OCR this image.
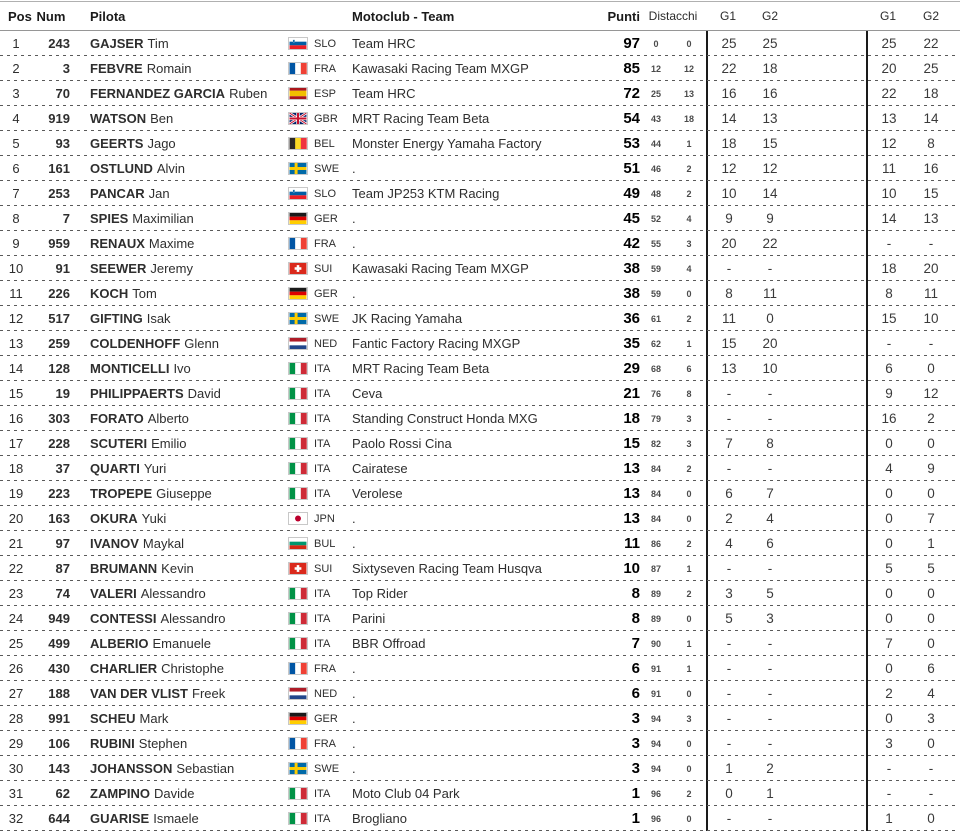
Pos Num	Pilota	Motoclub - Team	Punti Distacchi	G1	G2	G1	G2
1	243 GAJSER Tim	SLO	Team HRC	97	0	0	25	25	25	22
2	3 FEBVRE Romain	FRA	Kawasaki Racing Team MXGP	85	12	12	22	18	20	25
3	70 FERNANDEZ GARCIA Ruben	ESP	Team HRC	72	25	13	16	16	22	18
4	919 WATSON Ben	GBR	MRT Racing Team Beta	54	43	18	14	13	13	14
5	93 GEERTS Jago	BEL	Monster Energy Yamaha Factory	53	44	1	18	15	12	8
6	161 OSTLUND Alvin	SWE .	51	46	2	12	12	11	16
7	253 PANCAR Jan	SLO	Team JP253 KTM Racing	49	48	2	10	14	10	15
8	7 SPIES Maximilian	GER	.	45	52	4	9	9	14	13
9	959 RENAUX Maxime	FRA	.	42	55	3	20	22	-	-
10	91 SEEWER Jeremy	SUI	Kawasaki Racing Team MXGP	38	59	4	-	-	18	20
11	226 KOCH Tom	GER	.	38	59	0	8	11	8	11
12	517 GIFTING Isak	SWE JK Racing Yamaha	36	61	2	11	0	15	10
13	259 COLDENHOFF Glenn	NED	Fantic Factory Racing MXGP	35	62	1	15	20	-	-
14	128 MONTICELLI Ivo	ITA	MRT Racing Team Beta	29	68	6	13	10	6	0
15	19 PHILIPPAERTS David	ITA	Ceva	21	76	8	-	-	9	12
16	303 FORATO Alberto	ITA	Standing Construct Honda MXG	18	79	3	-	-	16	2
17	228 SCUTERI Emilio	ITA	Paolo Rossi Cina	15	82	3	7	8	0	0
18	37 QUARTI Yuri	ITA	Cairatese	13	84	2	-	-	4	9
19	223 TROPEPE Giuseppe	ITA	Verolese	13	84	0	6	7	0	0
20	163 OKURA Yuki	JPN	.	13	84	0	2	4	0	7
21	97 IVANOV Maykal	BUL	.	11	86	2	4	6	0	1
22	87 BRUMANN Kevin	SUI	Sixtyseven Racing Team Husqva	10	87	1	-	-	5	5
23	74 VALERI Alessandro	ITA	Top Rider	8	89	2	3	5	0	0
24	949 CONTESSI Alessandro	ITA	Parini	8	89	0	5	3	0	0
25	499 ALBERIO Emanuele	ITA	BBR Offroad	7	90	1	-	-	7	0
26	430 CHARLIER Christophe	FRA	.	6	91	1	-	-	0	6
27	188 VAN DER VLIST Freek	NED	.	6	91	0	-	-	2	4
28	991 SCHEU Mark	GER	.	3	94	3	-	-	0	3
29	106 RUBINI Stephen	FRA	.	3	94	0	-	-	3	0
30	143 JOHANSSON Sebastian	SWE .	3	94	0	1	2	-	-
31	62 ZAMPINO Davide	ITA	Moto Club 04 Park	1	96	2	0	1	-	-
32	644 GUARISE Ismaele	ITA	Brogliano	1	96	0	-	-	1	0
